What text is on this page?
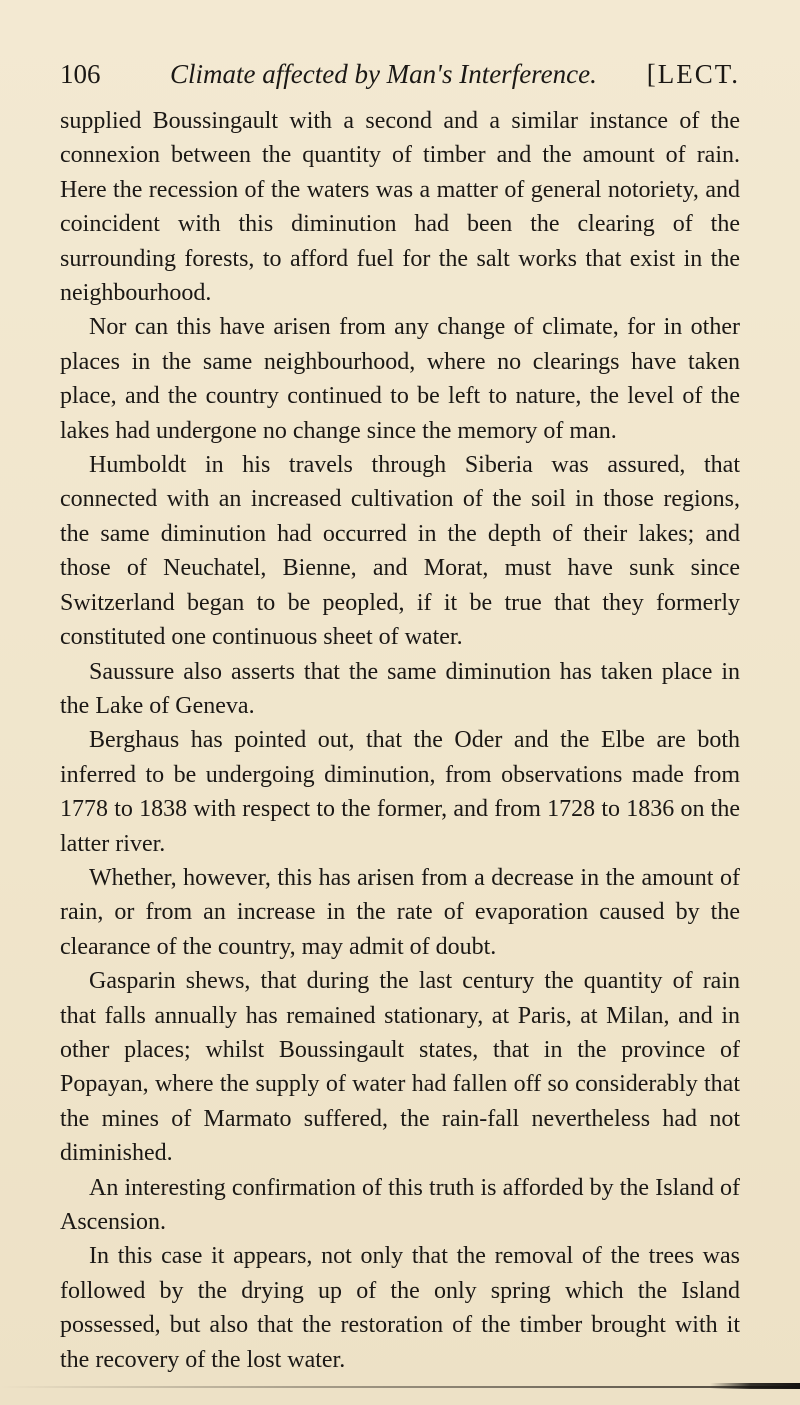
106	Climate affected by Man's Interference. [LECT.

supplied Boussingault with a second and a similar instance of the connexion between the quantity of timber and the amount of rain. Here the recession of the waters was a matter of general notoriety, and coincident with this diminution had been the clearing of the surrounding forests, to afford fuel for the salt works that exist in the neighbourhood.

Nor can this have arisen from any change of climate, for in other places in the same neighbourhood, where no clearings have taken place, and the country continued to be left to nature, the level of the lakes had undergone no change since the memory of man.

Humboldt in his travels through Siberia was assured, that connected with an increased cultivation of the soil in those regions, the same diminution had occurred in the depth of their lakes; and those of Neuchatel, Bienne, and Morat, must have sunk since Switzerland began to be peopled, if it be true that they formerly constituted one continuous sheet of water.

Saussure also asserts that the same diminution has taken place in the Lake of Geneva.

Berghaus has pointed out, that the Oder and the Elbe are both inferred to be undergoing diminution, from observations made from 1778 to 1838 with respect to the former, and from 1728 to 1836 on the latter river.

Whether, however, this has arisen from a decrease in the amount of rain, or from an increase in the rate of evaporation caused by the clearance of the country, may admit of doubt.

Gasparin shews, that during the last century the quantity of rain that falls annually has remained stationary, at Paris, at Milan, and in other places; whilst Boussingault states, that in the province of Popayan, where the supply of water had fallen off so considerably that the mines of Marmato suffered, the rain-fall nevertheless had not diminished.

An interesting confirmation of this truth is afforded by the Island of Ascension.

In this case it appears, not only that the removal of the trees was followed by the drying up of the only spring which the Island possessed, but also that the restoration of the timber brought with it the recovery of the lost water.
